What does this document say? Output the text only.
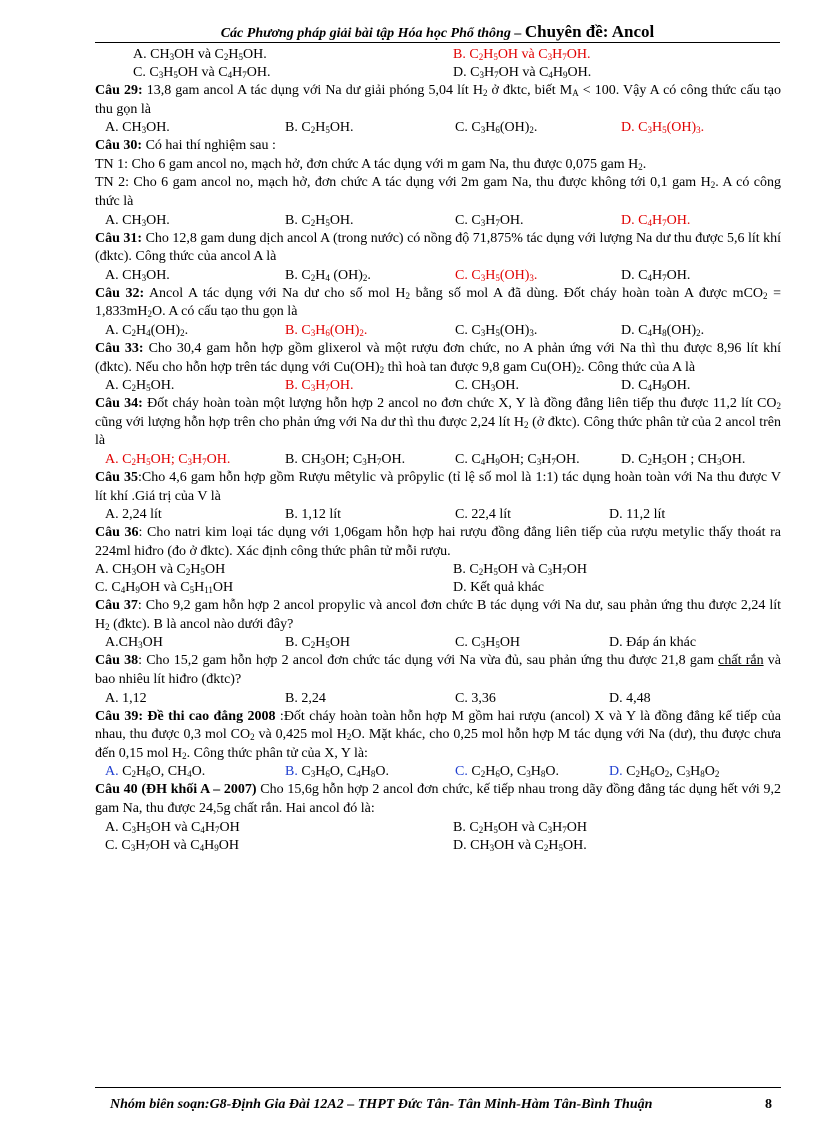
Các Phương pháp giải bài tập Hóa học Phổ thông – Chuyên đề: Ancol
A. $CH_3OH$ và $C_2H_5OH$.	B. $C_2H_5OH$ và $C_3H_7OH$.
C. $C_3H_5OH$ và $C_4H_7OH$.	D. $C_3H_7OH$ và $C_4H_9OH$.
Câu 29: 13,8 gam ancol A tác dụng với Na dư giải phóng 5,04 lít $H_2$ ở đktc, biết $M_A < 100$. Vậy A có công thức cấu tạo thu gọn là
A. $CH_3OH$.	B. $C_2H_5OH$.	C. $C_3H_6(OH)_2$.	D. $C_3H_5(OH)_3$.
Câu 30: Có hai thí nghiệm sau :
TN 1: Cho 6 gam ancol no, mạch hở, đơn chức A tác dụng với m gam Na, thu được 0,075 gam $H_2$.
TN 2: Cho 6 gam ancol no, mạch hở, đơn chức A tác dụng với 2m gam Na, thu được không tới 0,1 gam $H_2$. A có công thức là
A. $CH_3OH$.	B. $C_2H_5OH$.	C. $C_3H_7OH$.	D. $C_4H_7OH$.
Câu 31: Cho 12,8 gam dung dịch ancol A (trong nước) có nồng độ 71,875% tác dụng với lượng Na dư thu được 5,6 lít khí (đktc). Công thức của ancol A là
A. $CH_3OH$.	B. $C_2H_4$ $(OH)_2$.	C. $C_3H_5(OH)_3$.	D. $C_4H_7OH$.
Câu 32: Ancol A tác dụng với Na dư cho số mol $H_2$ bằng số mol A đã dùng. Đốt cháy hoàn toàn A được $mCO_2 = 1,833mH_2O$. A có cấu tạo thu gọn là
A. $C_2H_4(OH)_2$.	B. $C_3H_6(OH)_2$.	C. $C_3H_5(OH)_3$.	D. $C_4H_8(OH)_2$.
Câu 33: Cho 30,4 gam hỗn hợp gồm glixerol và một rượu đơn chức, no A phản ứng với Na thì thu được 8,96 lít khí (đktc). Nếu cho hỗn hợp trên tác dụng với $Cu(OH)_2$ thì hoà tan được 9,8 gam $Cu(OH)_2$. Công thức của A là
A. $C_2H_5OH$.	B. $C_3H_7OH$.	C. $CH_3OH$.	D. $C_4H_9OH$.
Câu 34: Đốt cháy hoàn toàn một lượng hỗn hợp 2 ancol no đơn chức X, Y là đồng đẳng liên tiếp thu được 11,2 lít $CO_2$ cũng với lượng hỗn hợp trên cho phản ứng với Na dư thì thu được 2,24 lít $H_2$ (ở đktc). Công thức phân tử của 2 ancol trên là
A. $C_2H_5OH$; $C_3H_7OH$.	B. $CH_3OH$; $C_3H_7OH$.	C. $C_4H_9OH$; $C_3H_7OH$.	D. $C_2H_5OH$ ; $CH_3OH$.
Câu 35:Cho 4,6 gam hỗn hợp gồm Rượu mêtylic và prôpylic (tỉ lệ số mol là 1:1) tác dụng hoàn toàn với Na thu được V lít khí .Giá trị của V là
A. 2,24 lít	B. 1,12 lít	C. 22,4 lít	D. 11,2 lít
Câu 36: Cho natri kim loại tác dụng với 1,06gam hỗn hợp hai rượu đồng đẳng liên tiếp của rượu metylic thấy thoát ra 224ml hiđro (đo ở đktc). Xác định công thức phân tử mỗi rượu.
A. $CH_3OH$ và $C_2H_5OH$	B. $C_2H_5OH$ và $C_3H_7OH$
C. $C_4H_9OH$ và $C_5H_{11}OH$	D. Kết quả khác
Câu 37: Cho 9,2 gam hỗn hợp 2 ancol propylic và ancol đơn chức B tác dụng với Na dư, sau phản ứng thu được 2,24 lít $H_2$ (đktc). B là ancol nào dưới đây?
$A.CH_3OH$	B. $C_2H_5OH$	C. $C_3H_5OH$	D. Đáp án khác
Câu 38: Cho 15,2 gam hỗn hợp 2 ancol đơn chức tác dụng với Na vừa đủ, sau phản ứng thu được 21,8 gam chất rắn và bao nhiêu lít hiđro (đktc)?
A. 1,12	B. 2,24	C. 3,36	D. 4,48
Câu 39: Đề thi cao đẳng 2008 :Đốt cháy hoàn toàn hỗn hợp M gồm hai rượu (ancol) X và Y là đồng đẳng kế tiếp của nhau, thu được 0,3 mol $CO_2$ và 0,425 mol $H_2O$. Mặt khác, cho 0,25 mol hỗn hợp M tác dụng với Na (dư), thu được chưa đến 0,15 mol $H_2$. Công thức phân tử của X, Y là:
A. $C_2H_6O$, $CH_4O$.	B. $C_3H_6O$, $C_4H_8O$.	C. $C_2H_6O$, $C_3H_8O$.	D. $C_2H_6O_2$, $C_3H_8O_2$
Câu 40 (ĐH khối A – 2007) Cho 15,6g hỗn hợp 2 ancol đơn chức, kế tiếp nhau trong dãy đồng đẳng tác dụng hết với 9,2 gam Na, thu được 24,5g chất rắn. Hai ancol đó là:
A. $C_3H_5OH$ và $C_4H_7OH$	B. $C_2H_5OH$ và $C_3H_7OH$
C. $C_3H_7OH$ và $C_4H_9OH$	D. $CH_3OH$ và $C_2H_5OH$.
Nhóm biên soạn:G8-Định Gia Đài 12A2 – THPT Đức Tân- Tân Minh-Hàm Tân-Bình Thuận	8
